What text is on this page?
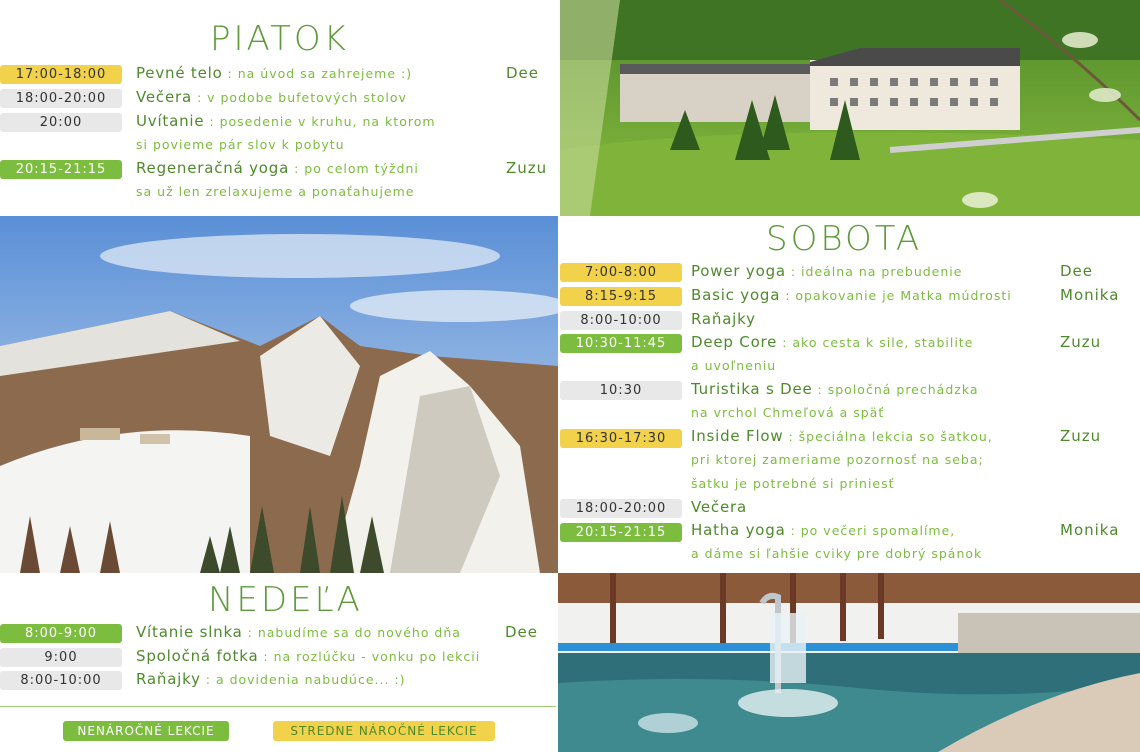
PIATOK
17:00-18:00	Pevné telo : na úvod sa zahrejeme :)	Dee
18:00-20:00	Večera : v podobe bufetových stolov
20:00	Uvítanie : posedenie v kruhu, na ktorom
si povieme pár slov k pobytu
20:15-21:15	Regeneračná yoga : po celom týždni	Zuzu
sa už len zrelaxujeme a ponaťahujeme
SOBOTA
7:00-8:00	Power yoga : ideálna na prebudenie	Dee
8:15-9:15	Basic yoga : opakovanie je Matka múdrosti	Monika
8:00-10:00	Raňajky
10:30-11:45	Deep Core : ako cesta k sile, stabilite	Zuzu
a uvoľneniu
10:30	Turistika s Dee : spoločná prechádzka
na vrchol Chmeľová a späť
16:30-17:30	Inside Flow : špeciálna lekcia so šatkou,	Zuzu
pri ktorej zameriame pozornosť na seba;
šatku je potrebné si priniesť
18:00-20:00	Večera
20:15-21:15	Hatha yoga : po večeri spomalíme,	Monika
a dáme si ľahšie cviky pre dobrý spánok
NEDEĽA
8:00-9:00	Vítanie slnka : nabudíme sa do nového dňa	Dee
9:00	Spoločná fotka : na rozlúčku - vonku po lekcii
8:00-10:00	Raňajky : a dovidenia nabudúce... :)
NENÁROČNÉ LEKCIE	STREDNE NÁROČNÉ LEKCIE
